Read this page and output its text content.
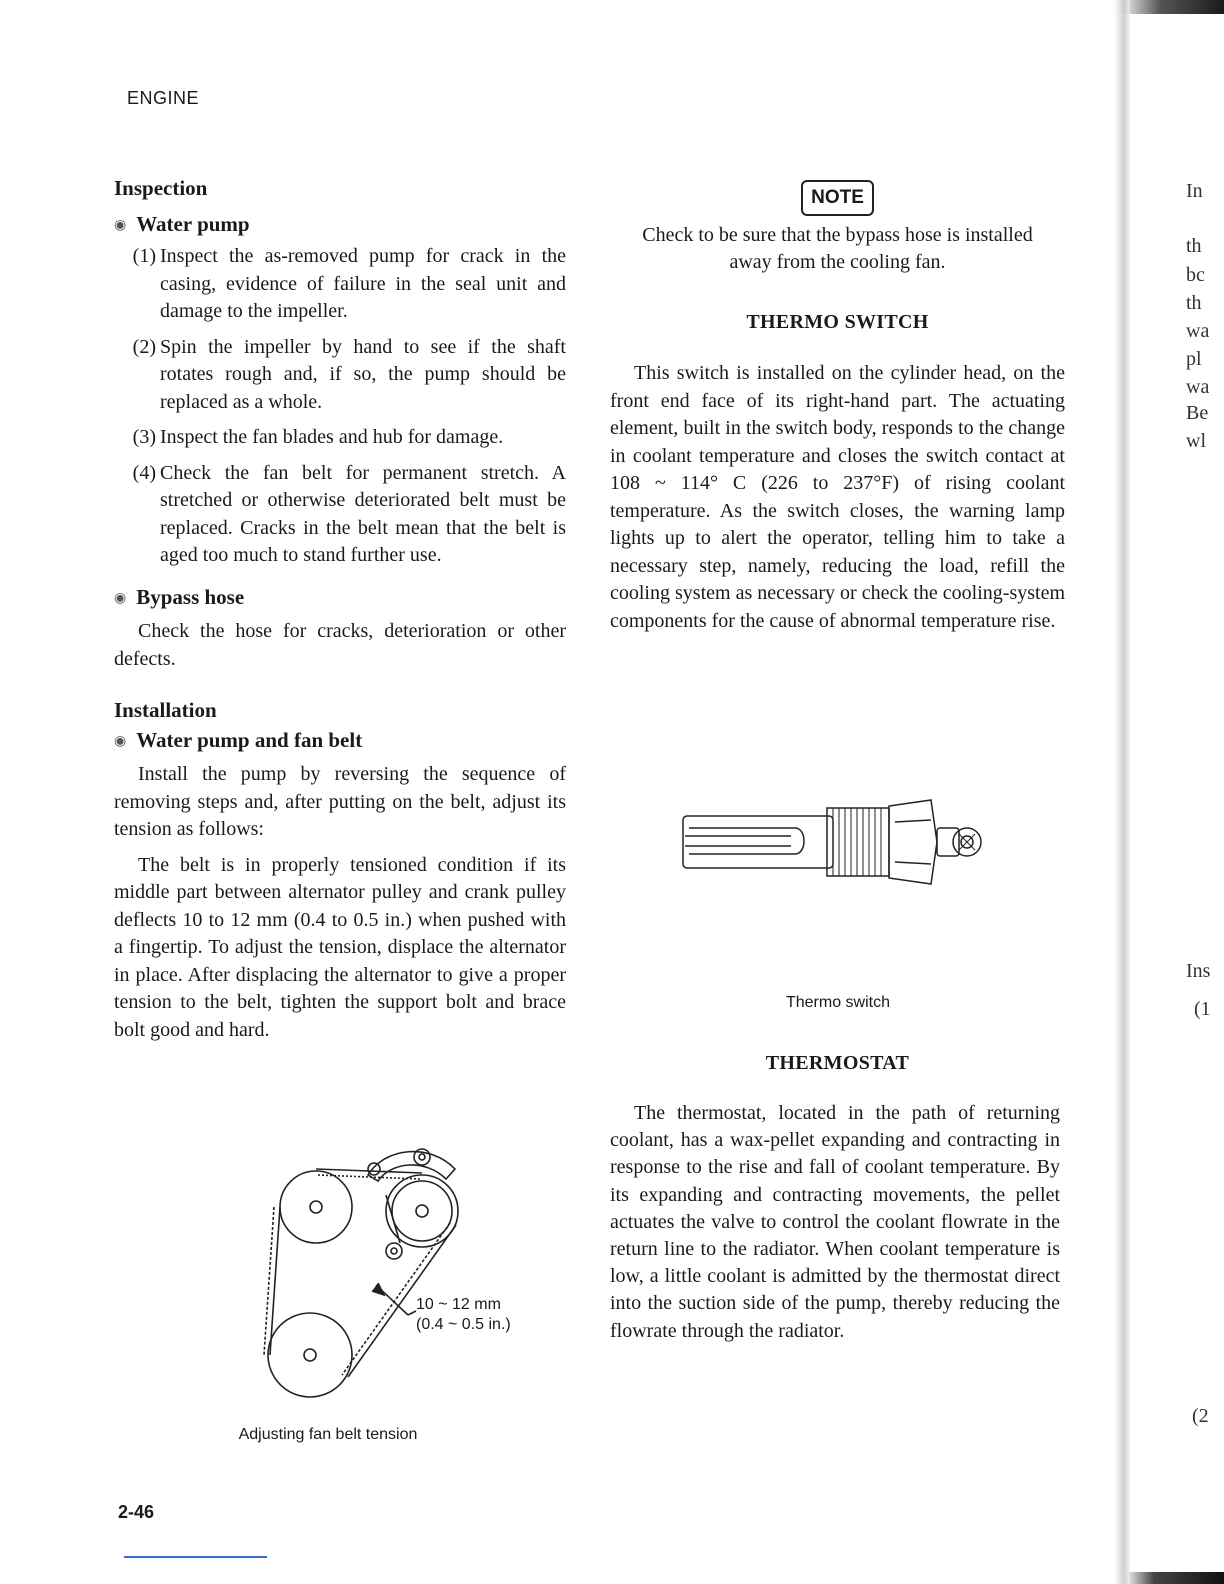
ENGINE

Inspection

◉ Water pump

(1) Inspect the as-removed pump for crack in the casing, evidence of failure in the seal unit and damage to the impeller.
(2) Spin the impeller by hand to see if the shaft rotates rough and, if so, the pump should be replaced as a whole.
(3) Inspect the fan blades and hub for damage.
(4) Check the fan belt for permanent stretch. A stretched or otherwise deteriorated belt must be replaced. Cracks in the belt mean that the belt is aged too much to stand further use.

◉ Bypass hose

Check the hose for cracks, deterioration or other defects.

Installation

◉ Water pump and fan belt

Install the pump by reversing the sequence of removing steps and, after putting on the belt, adjust its tension as follows:

The belt is in properly tensioned condition if its middle part between alternator pulley and crank pulley deflects 10 to 12 mm (0.4 to 0.5 in.) when pushed with a fingertip. To adjust the tension, displace the alternator in place. After displacing the alternator to give a proper tension to the belt, tighten the support bolt and brace bolt good and hard.

10 ~ 12 mm
(0.4 ~ 0.5 in.)
Adjusting fan belt tension
NOTE

Check to be sure that the bypass hose is installed away from the cooling fan.

THERMO SWITCH

This switch is installed on the cylinder head, on the front end face of its right-hand part. The actuating element, built in the switch body, responds to the change in coolant temperature and closes the switch contact at 108 ~ 114° C (226 to 237°F) of rising coolant temperature. As the switch closes, the warning lamp lights up to alert the operator, telling him to take a necessary step, namely, reducing the load, refill the cooling system as necessary or check the cooling-system components for the cause of abnormal temperature rise.

Thermo switch
THERMOSTAT

The thermostat, located in the path of returning coolant, has a wax-pellet expanding and contracting in response to the rise and fall of coolant temperature. By its expanding and contracting movements, the pellet actuates the valve to control the coolant flowrate in the return line to the radiator. When coolant temperature is low, a little coolant is admitted by the thermostat direct into the suction side of the pump, thereby reducing the flowrate through the radiator.

2-46
In
th
bc
th
wa
pl
wa
Be
wl
Ins
(1
(2
